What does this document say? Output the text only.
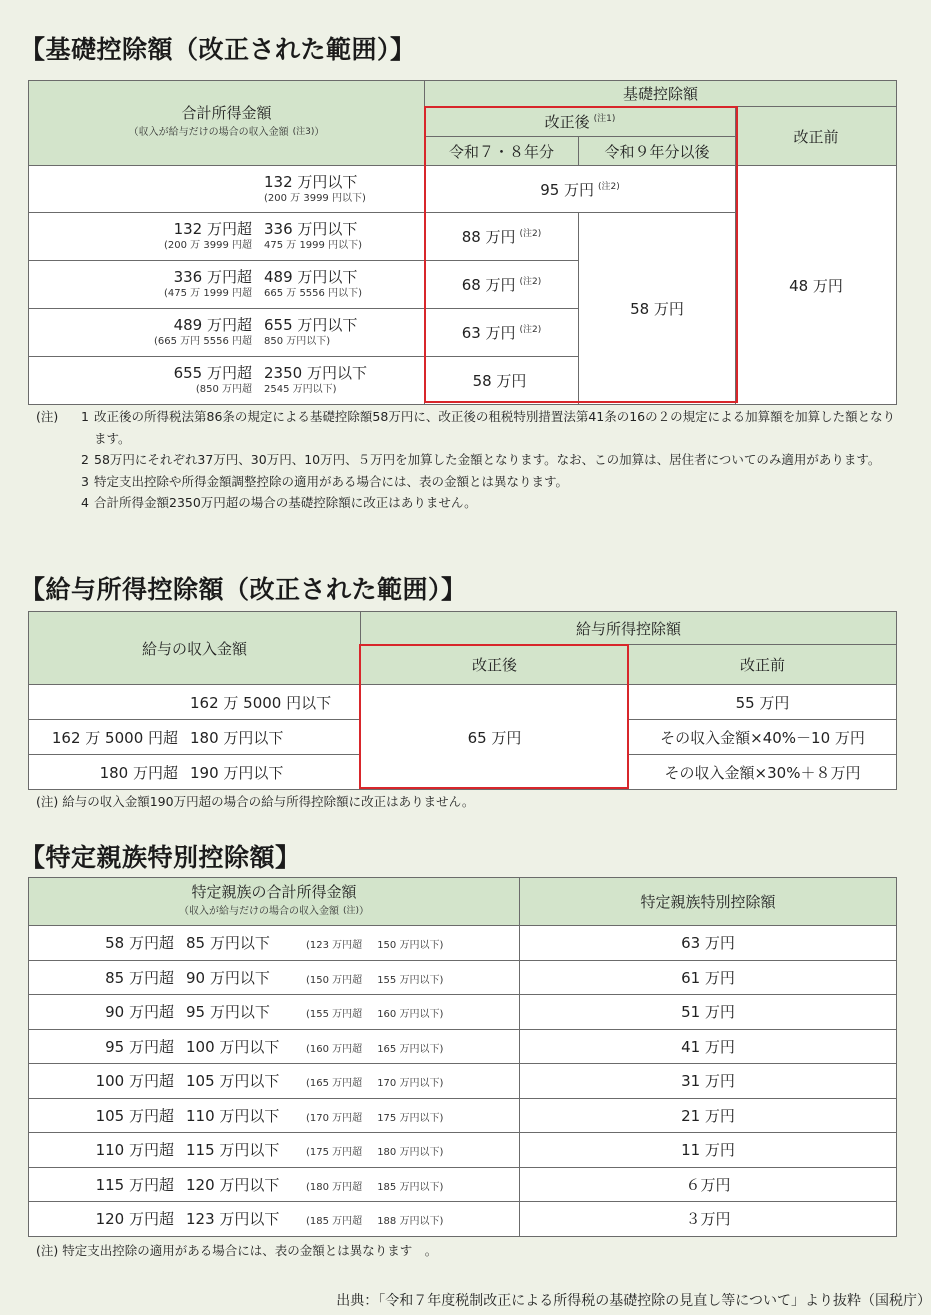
【基礎控除額（改正された範囲）】
合計所得金額
（収入が給与だけの場合の収入金額 (注3)）	基礎控除額		
	改正後 $^{(注1)}$		改正前
	令和７・８年分	令和９年分以後	

132 万円以下
(200 万 3999 円以下)	95 万円 $^{(注2)}$		48 万円

132 万円超 336 万円以下
(200 万 3999 円超 475 万 1999 円以下)	88 万円 $^{(注2)}$	58 万円	

336 万円超 489 万円以下
(475 万 1999 円超 665 万 5556 円以下)	68 万円 $^{(注2)}$

489 万円超 655 万円以下
(665 万円 5556 円超 850 万円以下)	63 万円 $^{(注2)}$

655 万円超 2350 万円以下
(850 万円超 2545 万円以下)	58 万円		
(注) 1 改正後の所得税法第86条の規定による基礎控除額58万円に、改正後の租税特別措置法第41条の16の２の規定による加算額を加算した額となります。
2 58万円にそれぞれ37万円、30万円、10万円、５万円を加算した金額となります。なお、この加算は、居住者についてのみ適用があります。
3 特定支出控除や所得金額調整控除の適用がある場合には、表の金額とは異なります。
4 合計所得金額2350万円超の場合の基礎控除額に改正はありません。
【給与所得控除額（改正された範囲）】
給与の収入金額	給与所得控除額	
	改正後	改正前
162 万 5000 円以下	65 万円	55 万円
162 万 5000 円超 180 万円以下		その収入金額×40%－10 万円
180 万円超 190 万円以下		その収入金額×30%＋８万円
(注) 給与の収入金額190万円超の場合の給与所得控除額に改正はありません。
【特定親族特別控除額】
特定親族の合計所得金額
（収入が給与だけの場合の収入金額 (注)）	特定親族特別控除額
58 万円超 85 万円以下 (123 万円超　 150 万円以下)	63 万円
85 万円超 90 万円以下 (150 万円超　 155 万円以下)	61 万円
90 万円超 95 万円以下 (155 万円超　 160 万円以下)	51 万円
95 万円超 100 万円以下 (160 万円超　 165 万円以下)	41 万円
100 万円超 105 万円以下 (165 万円超　 170 万円以下)	31 万円
105 万円超 110 万円以下 (170 万円超　 175 万円以下)	21 万円
110 万円超 115 万円以下 (175 万円超　 180 万円以下)	11 万円
115 万円超 120 万円以下 (180 万円超　 185 万円以下)	６万円
120 万円超 123 万円以下 (185 万円超　 188 万円以下)	３万円
(注) 特定支出控除の適用がある場合には、表の金額とは異なります　。
出典：「令和７年度税制改正による所得税の基礎控除の見直し等について」より抜粋（国税庁）
